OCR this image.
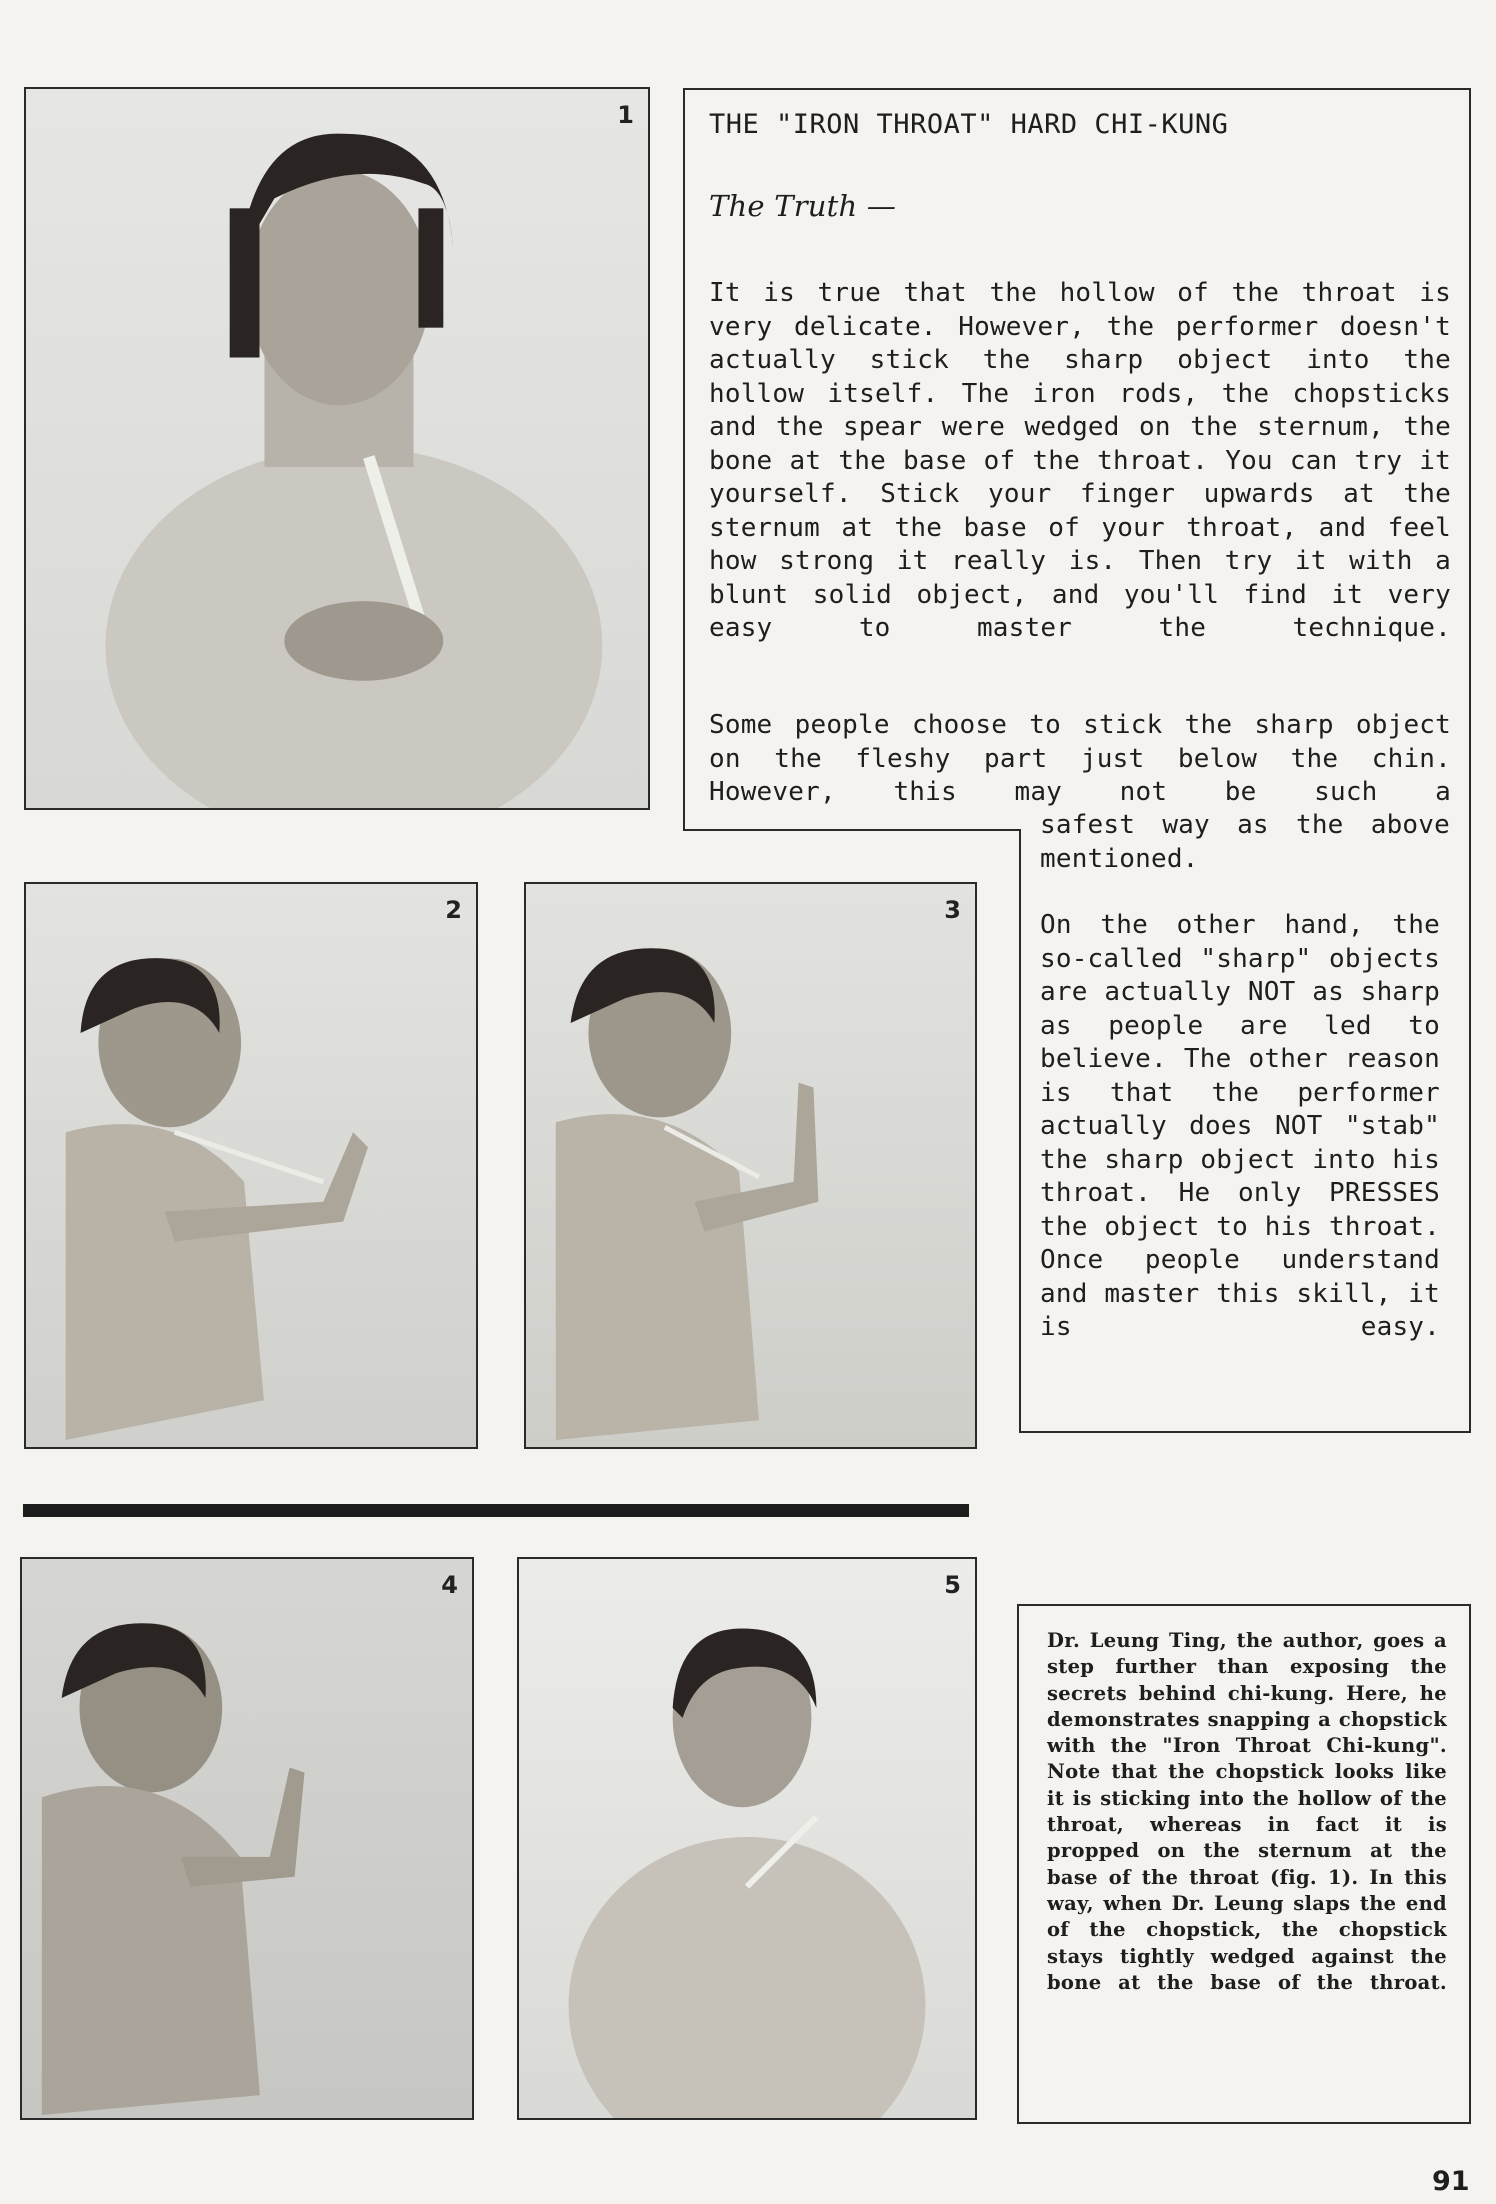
1
2	3
4	5
THE "IRON THROAT" HARD CHI-KUNG
The Truth —
It is true that the hollow of the throat is very delicate. However, the performer doesn't actually stick the sharp object into the hollow itself. The iron rods, the chopsticks and the spear were wedged on the sternum, the bone at the base of the throat. You can try it yourself. Stick your finger upwards at the sternum at the base of your throat, and feel how strong it really is. Then try it with a blunt solid object, and you'll find it very easy to master the technique.
Some people choose to stick the sharp object on the fleshy part just below the chin. However, this may not be such a
safest way as the above mentioned.
On the other hand, the so-called "sharp" objects are actually NOT as sharp as people are led to believe. The other reason is that the performer actually does NOT "stab" the sharp object into his throat. He only PRESSES the object to his throat. Once people understand and master this skill, it is easy.
Dr. Leung Ting, the author, goes a step further than exposing the secrets behind chi-kung. Here, he demonstrates snapping a chopstick with the "Iron Throat Chi-kung". Note that the chopstick looks like it is sticking into the hollow of the throat, whereas in fact it is propped on the sternum at the base of the throat (fig. 1). In this way, when Dr. Leung slaps the end of the chopstick, the chopstick stays tightly wedged against the bone at the base of the throat.
91
